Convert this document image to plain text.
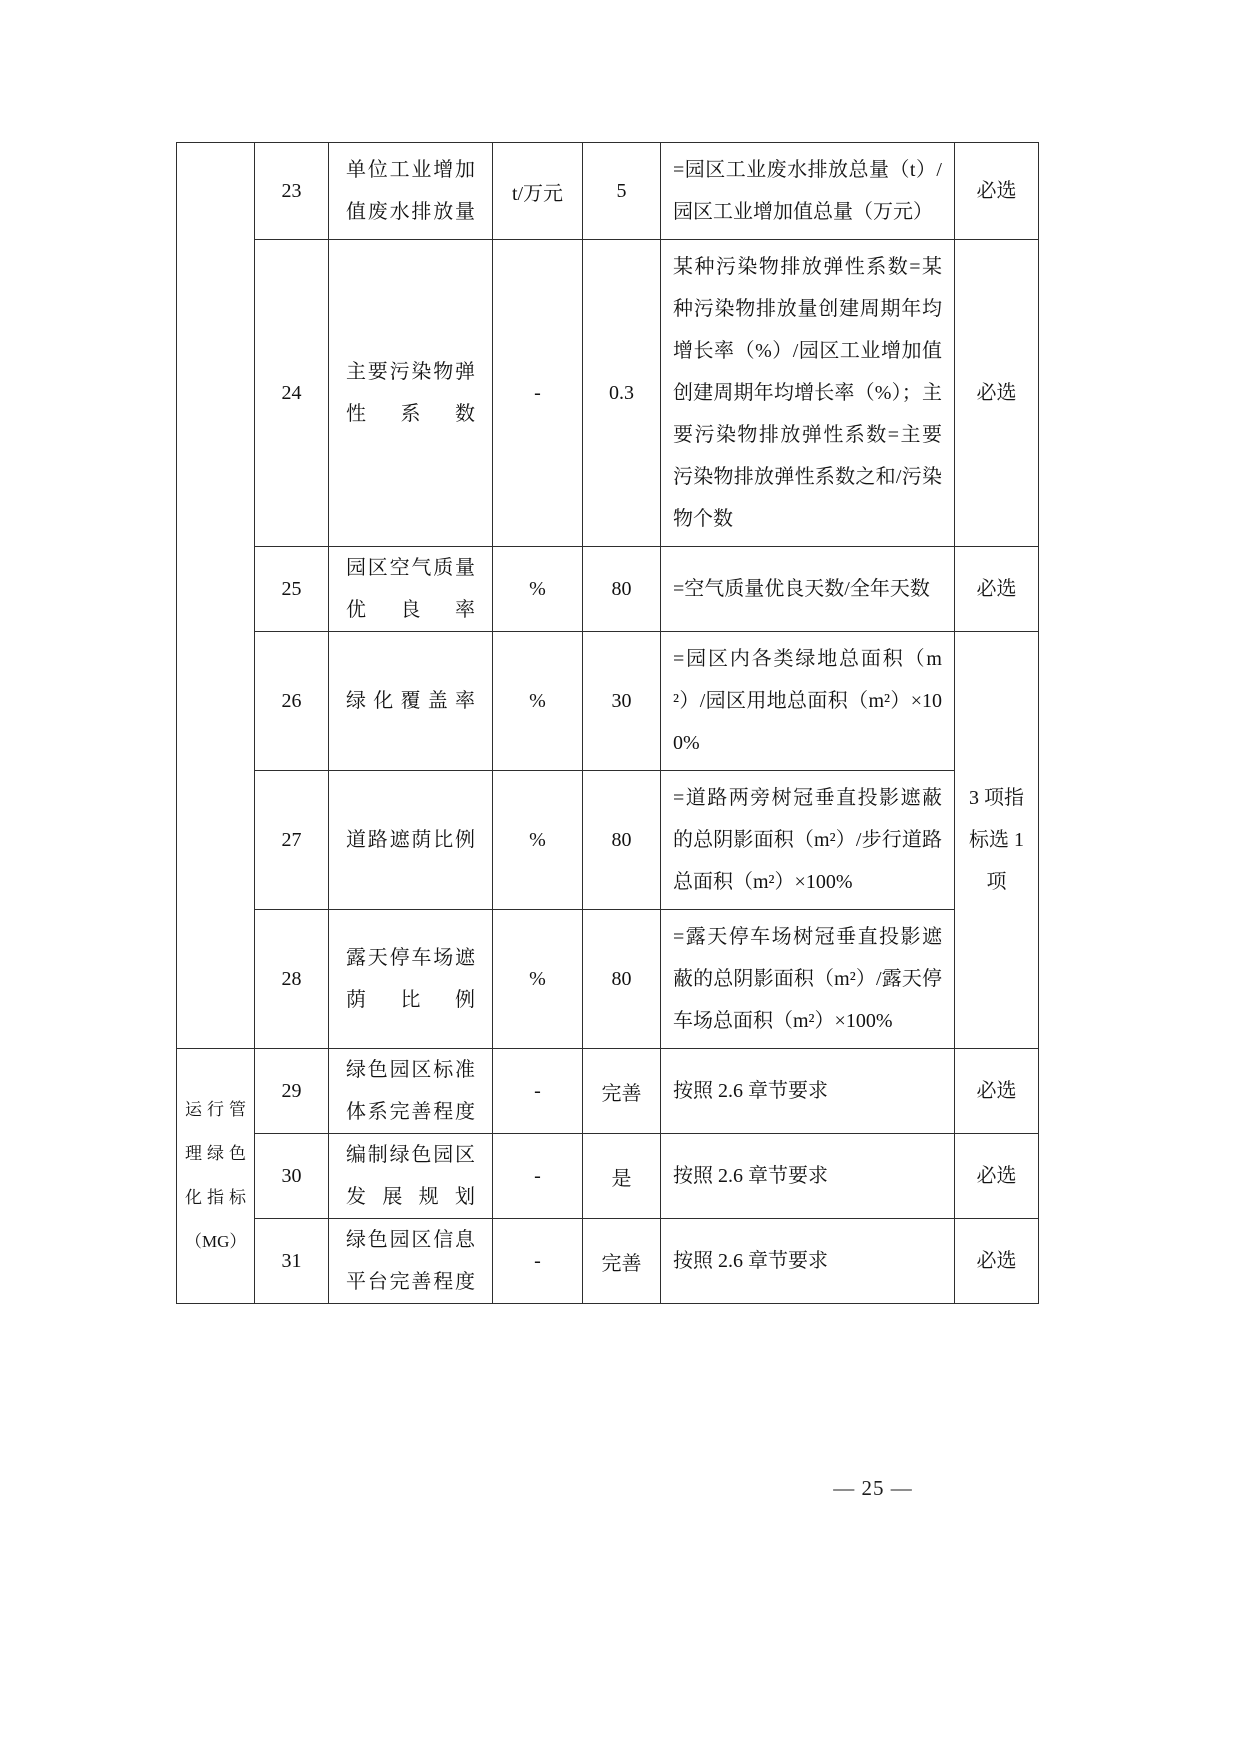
	23	单位工业增加值废水排放量	t/万元	5	=园区工业废水排放总量（t）/园区工业增加值总量（万元）	必选
	24	主要污染物弹性系数	-	0.3	某种污染物排放弹性系数=某种污染物排放量创建周期年均增长率（%）/园区工业增加值创建周期年均增长率（%）；主要污染物排放弹性系数=主要污染物排放弹性系数之和/污染物个数	必选
	25	园区空气质量优良率	%	80	=空气质量优良天数/全年天数	必选
	26	绿化覆盖率	%	30	=园区内各类绿地总面积（m²）/园区用地总面积（m²）×100%	3 项指标选 1 项
	27	道路遮荫比例	%	80	=道路两旁树冠垂直投影遮蔽的总阴影面积（m²）/步行道路总面积（m²）×100%	
	28	露天停车场遮荫比例	%	80	=露天停车场树冠垂直投影遮蔽的总阴影面积（m²）/露天停车场总面积（m²）×100%	
运行管理绿色化指标（MG）	29	绿色园区标准体系完善程度	-	完善	按照 2.6 章节要求	必选
	30	编制绿色园区发展规划	-	是	按照 2.6 章节要求	必选
	31	绿色园区信息平台完善程度	-	完善	按照 2.6 章节要求	必选
— 25 —
